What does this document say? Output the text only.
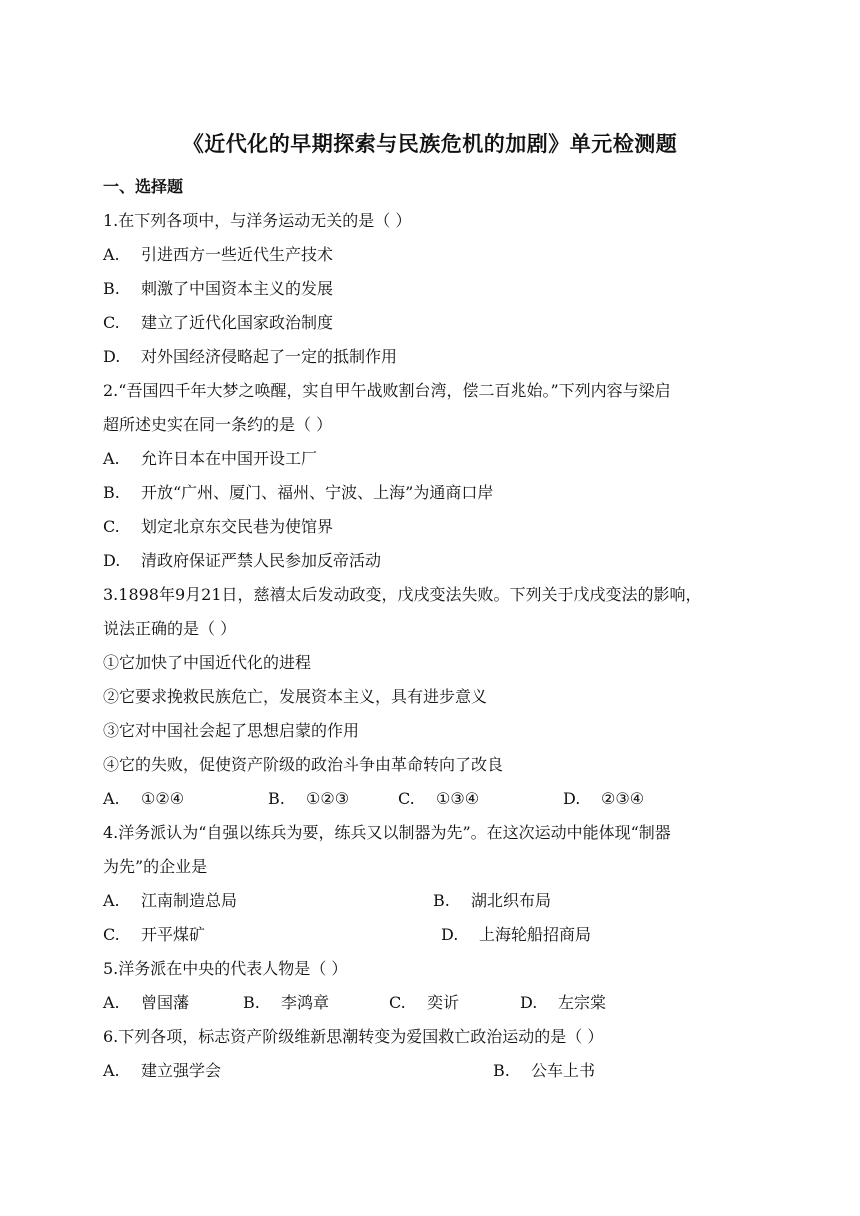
《近代化的早期探索与民族危机的加剧》单元检测题
一、选择题
1.在下列各项中，与洋务运动无关的是（ ）
A. 引进西方一些近代生产技术
B. 刺激了中国资本主义的发展
C. 建立了近代化国家政治制度
D. 对外国经济侵略起了一定的抵制作用
2.“吾国四千年大梦之唤醒，实自甲午战败割台湾，偿二百兆始。”下列内容与梁启
超所述史实在同一条约的是（ ）
A. 允许日本在中国开设工厂
B. 开放“广州、厦门、福州、宁波、上海”为通商口岸
C. 划定北京东交民巷为使馆界
D. 清政府保证严禁人民参加反帝活动
3.1898年9月21日，慈禧太后发动政变，戊戌变法失败。下列关于戊戌变法的影响，
说法正确的是（ ）
①它加快了中国近代化的进程
②它要求挽救民族危亡，发展资本主义，具有进步意义
③它对中国社会起了思想启蒙的作用
④它的失败，促使资产阶级的政治斗争由革命转向了改良
A. ①②④	B. ①②③	C. ①③④	D. ②③④
4.洋务派认为“自强以练兵为要，练兵又以制器为先”。在这次运动中能体现“制器
为先”的企业是
A. 江南制造总局	B. 湖北织布局
C. 开平煤矿	D. 上海轮船招商局
5.洋务派在中央的代表人物是（ ）
A. 曾国藩	B. 李鸿章	C. 奕䜣	D. 左宗棠
6.下列各项，标志资产阶级维新思潮转变为爱国救亡政治运动的是（ ）
A. 建立强学会	B. 公车上书
